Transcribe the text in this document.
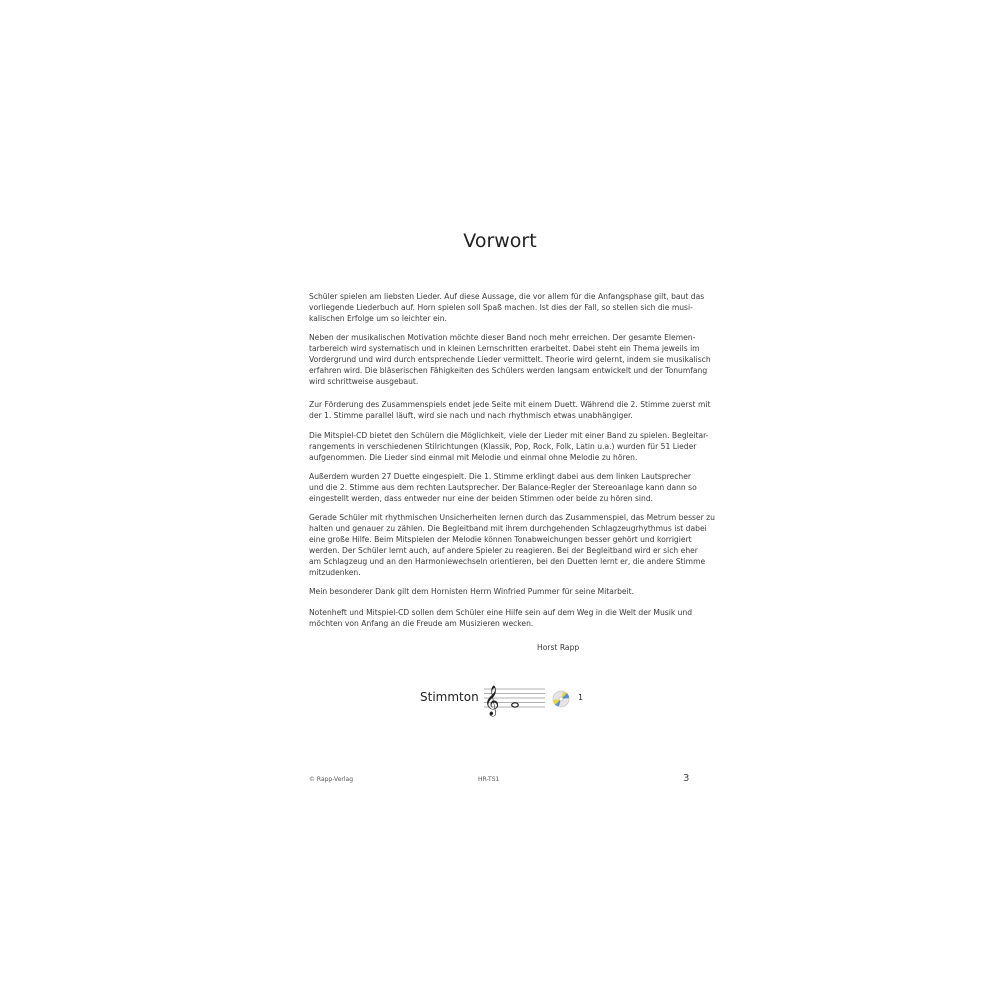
Vorwort
Schüler spielen am liebsten Lieder. Auf diese Aussage, die vor allem für die Anfangsphase gilt, baut das
vorliegende Liederbuch auf. Horn spielen soll Spaß machen. Ist dies der Fall, so stellen sich die musi-
kalischen Erfolge um so leichter ein.
Neben der musikalischen Motivation möchte dieser Band noch mehr erreichen. Der gesamte Elemen-
tarbereich wird systematisch und in kleinen Lernschritten erarbeitet. Dabei steht ein Thema jeweils im
Vordergrund und wird durch entsprechende Lieder vermittelt. Theorie wird gelernt, indem sie musikalisch
erfahren wird. Die bläserischen Fähigkeiten des Schülers werden langsam entwickelt und der Tonumfang
wird schrittweise ausgebaut.
Zur Förderung des Zusammenspiels endet jede Seite mit einem Duett. Während die 2. Stimme zuerst mit
der 1. Stimme parallel läuft, wird sie nach und nach rhythmisch etwas unabhängiger.
Die Mitspiel-CD bietet den Schülern die Möglichkeit, viele der Lieder mit einer Band zu spielen. Begleitar-
rangements in verschiedenen Stilrichtungen (Klassik, Pop, Rock, Folk, Latin u.a.) wurden für 51 Lieder
aufgenommen. Die Lieder sind einmal mit Melodie und einmal ohne Melodie zu hören.
Außerdem wurden 27 Duette eingespielt. Die 1. Stimme erklingt dabei aus dem linken Lautsprecher
und die 2. Stimme aus dem rechten Lautsprecher. Der Balance-Regler der Stereoanlage kann dann so
eingestellt werden, dass entweder nur eine der beiden Stimmen oder beide zu hören sind.
Gerade Schüler mit rhythmischen Unsicherheiten lernen durch das Zusammenspiel, das Metrum besser zu
halten und genauer zu zählen. Die Begleitband mit ihrem durchgehenden Schlagzeugrhythmus ist dabei
eine große Hilfe. Beim Mitspielen der Melodie können Tonabweichungen besser gehört und korrigiert
werden. Der Schüler lernt auch, auf andere Spieler zu reagieren. Bei der Begleitband wird er sich eher
am Schlagzeug und an den Harmoniewechseln orientieren, bei den Duetten lernt er, die andere Stimme
mitzudenken.
Mein besonderer Dank gilt dem Hornisten Herrn Winfried Pummer für seine Mitarbeit.
Notenheft und Mitspiel-CD sollen dem Schüler eine Hilfe sein auf dem Weg in die Welt der Musik und
möchten von Anfang an die Freude am Musizieren wecken.
Horst Rapp
Stimmton 𝄞	1
© Rapp-Verlag	HR-TS1	3
